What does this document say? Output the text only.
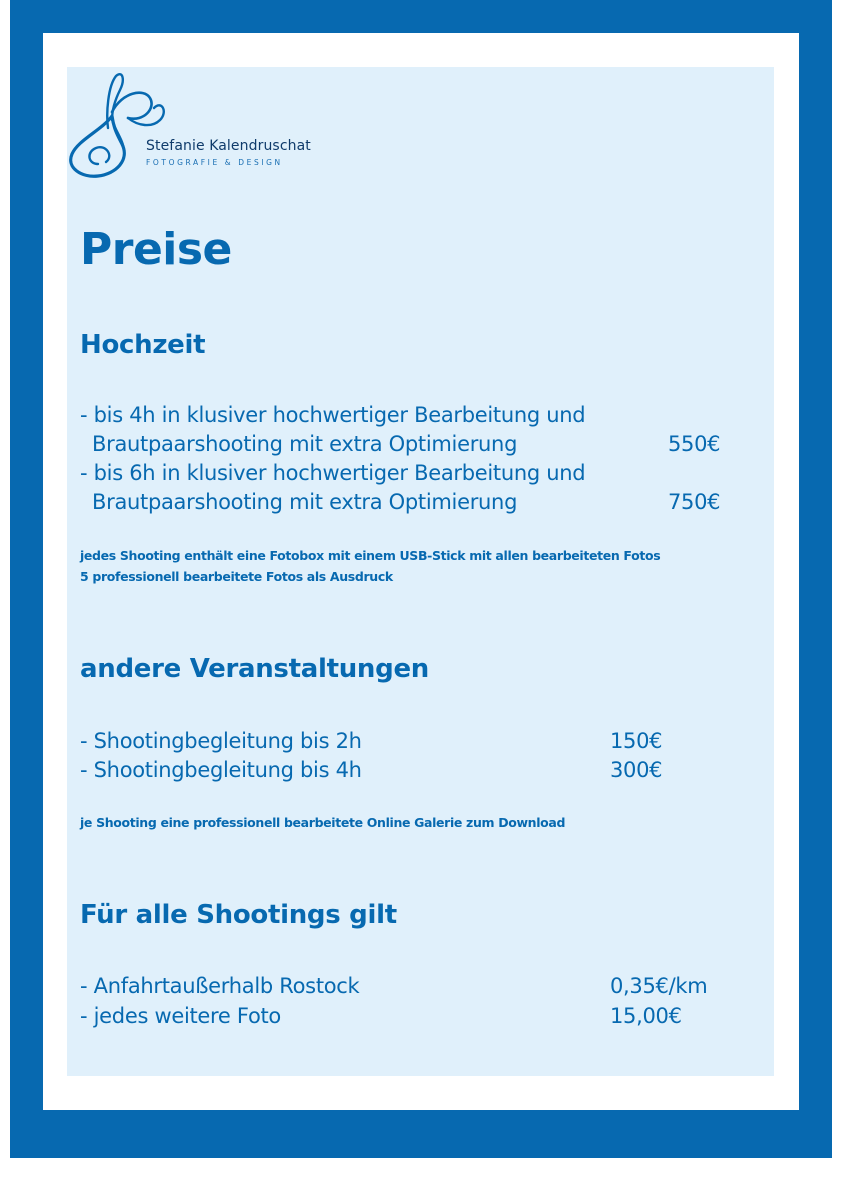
Stefanie Kalendruschat
FOTOGRAFIE & DESIGN
Preise
Hochzeit
- bis 4h in klusiver hochwertiger Bearbeitung und
Brautpaarshooting mit extra Optimierung	550€
- bis 6h in klusiver hochwertiger Bearbeitung und
Brautpaarshooting mit extra Optimierung	750€
jedes Shooting enthält eine Fotobox mit einem USB-Stick mit allen bearbeiteten Fotos
5 professionell bearbeitete Fotos als Ausdruck
andere Veranstaltungen
- Shootingbegleitung bis 2h	150€
- Shootingbegleitung bis 4h	300€
je Shooting eine professionell bearbeitete Online Galerie zum Download
Für alle Shootings gilt
- Anfahrtaußerhalb Rostock	0,35€/km
- jedes weitere Foto	15,00€
